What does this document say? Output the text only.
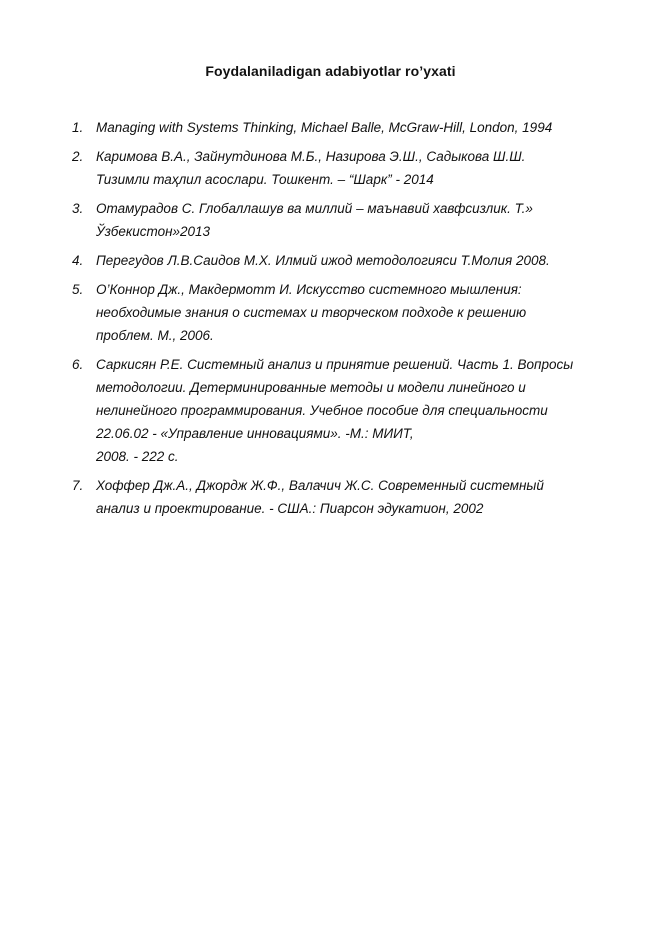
Foydalaniladigan adabiyotlar ro’yxati
1. Managing with Systems Thinking, Michael Balle, McGraw-Hill, London, 1994
2. Каримова В.А., Зайнутдинова М.Б., Назирова Э.Ш., Садыкова Ш.Ш.
Тизимли таҳлил асослари. Тошкент. – “Шарк” - 2014
3. Отамурадов С. Глобаллашув ва миллий – маънавий хавфсизлик. Т.»
Ўзбекистон»2013
4. Перегудов Л.В.Саидов М.Х. Илмий ижод методологияси Т.Молия 2008.
5. О’Коннор Дж., Макдермотт И. Искусство системного мышления:
необходимые знания о системах и творческом подходе к решению
проблем. М., 2006.
6. Саркисян Р.Е. Системный анализ и принятие решений. Часть 1. Вопросы
методологии. Детерминированные методы и модели линейного и
нелинейного программирования. Учебное пособие для специальности
22.06.02 - «Управление инновациями». -М.: МИИТ,
2008. - 222 с.
7. Хоффер Дж.А., Джордж Ж.Ф., Валачич Ж.С. Современный системный
анализ и проектирование. - США.: Пиарсон эдукатион, 2002
